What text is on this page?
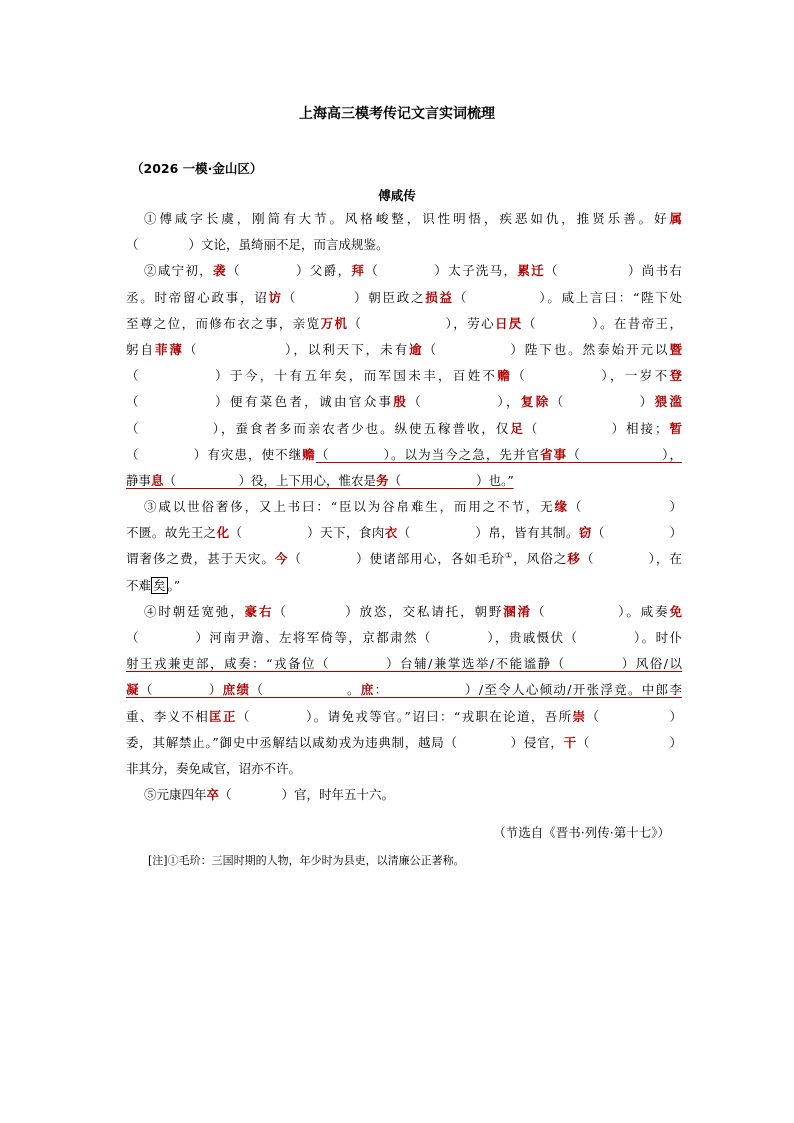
上海高三模考传记文言实词梳理
（2026 一模·金山区）
傅咸传
①傅咸字长虞，刚简有大节。风格峻整，识性明悟，疾恶如仇，推贤乐善。好属
（　　　　）文论，虽绮丽不足，而言成规鉴。
②咸宁初，袭（　　　　）父爵，拜（　　　　）太子洗马，累迁（　　　　　）尚书右
丞。时帝留心政事，诏访（　　　　）朝臣政之损益（　　　　　）。咸上言曰：“陛下处
至尊之位，而修布衣之事，亲览万机（　　　　　　），劳心日昃（　　　　）。在昔帝王，
躬自菲薄（　　　　　　），以利天下，未有逾（　　　　　）陛下也。然泰始开元以暨
（　　　　　）于今，十有五年矣，而军国未丰，百姓不赡（　　　　　），一岁不登
（　　　　　）便有菜色者，诚由官众事殷（　　　　　），复除（　　　　　）猥滥
（　　　　　），蚕食者多而亲农者少也。纵使五稼普收，仅足（　　　　　）相接；暂
（　　　　）有灾患，使不继赡（　　　　）。以为当今之急，先并官省事（　　　　　　），
静事息（　　　　　）役，上下用心，惟农是务（　　　　　　）也。”
③咸以世俗奢侈，又上书曰：“臣以为谷帛难生，而用之不节，无缘（　　　　　　）
不匮。故先王之化（　　　　　）天下，食肉衣（　　　　　）帛，皆有其制。窃（　　　　　）
谓奢侈之费，甚于天灾。今（　　　　）使诸部用心，各如毛玠①，风俗之移（　　　　），在
不难 矣 。”
④时朝廷宽弛，豪右（　　　　）放恣，交私请托，朝野溷淆（　　　　　）。咸奏免
（　　　　）河南尹澹、左将军倚等，京都肃然（　　　　），贵戚慑伏（　　　　）。时仆
射王戎兼吏部，咸奏：“戎备位（　　　　）台辅/兼掌选举/不能谧静（　　　　）风俗/以
凝（　　　　）庶绩（　　　　　　。庶：　　　　　　）/至令人心倾动/开张浮竞。中郎李
重、李义不相匡正（　　　　）。请免戎等官。”诏曰：“戎职在论道，吾所崇（　　　　　）
委，其解禁止。”御史中丞解结以咸劾戎为违典制，越局（　　　　）侵官，干（　　　　　　）
非其分，奏免咸官，诏亦不许。
⑤元康四年卒（　　　　）官，时年五十六。
（节选自《晋书·列传·第十七》）
[注]①毛玠：三国时期的人物，年少时为县吏，以清廉公正著称。
